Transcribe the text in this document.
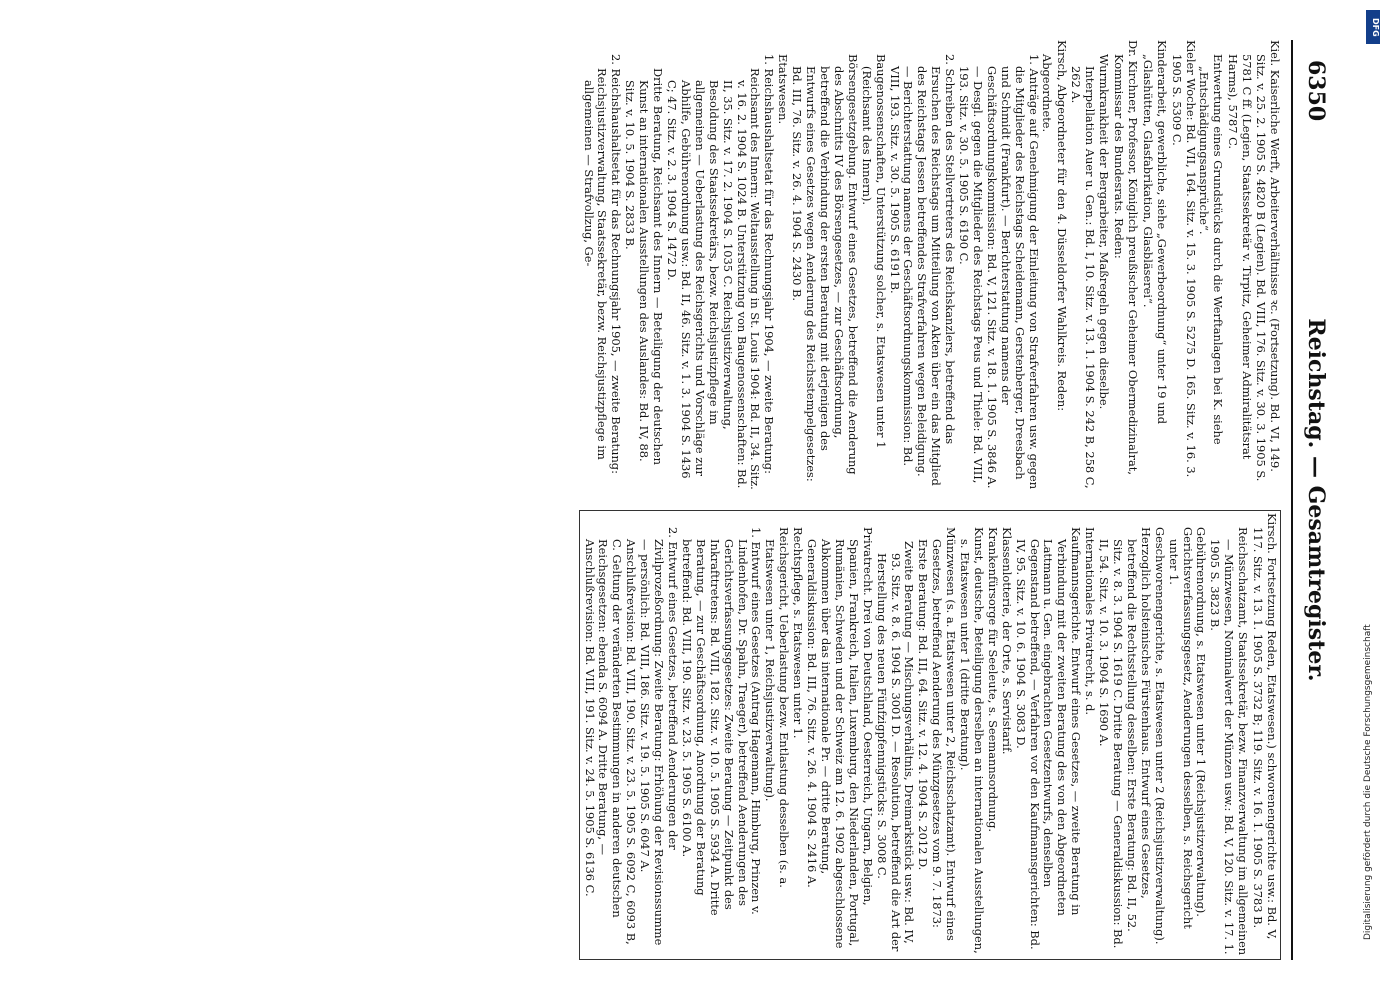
6350
Reichstag. — Gesamtregister.
Kiel. Kaiserliche Werft, Arbeiterverhältnisse ꝛc. (Fortsetzung). Bd. VI, 149. Sitz. v. 25. 2. 1905 S. 4820 B (Legien). Bd. VIII, 176. Sitz. v. 30. 3. 1905 S. 5781 C ff. (Legien, Staatssekretär v. Tirpitz, Geheimer Admiralitätsrat Harms), 5787 C.
Entwertung eines Grundstücks durch die Werftanlagen bei K. siehe „Entschädigungsansprüche“.
Kieler Woche: Bd. VII, 164. Sitz. v. 15. 3. 1905 S. 5275 D. 165. Sitz. v. 16. 3. 1905 S. 5309 C.
Kinderarbeit, gewerbliche, siehe „Gewerbeordnung“ unter 19 und „Glashütten, Glasfabrikation, Glasbläserei“.
Dr. Kirchner, Professor, Königlich preußischer Geheimer Obermedizinalrat, Kommissar des Bundesrats. Reden:
Wurmkrankheit der Bergarbeiter, Maßregeln gegen dieselbe. Interpellation Auer u. Gen.: Bd. I, 10. Sitz. v. 13. 1. 1904 S. 242 B, 258 C, 262 A.
Kirsch, Abgeordneter für den 4. Düsseldorfer Wahlkreis. Reden:
Abgeordnete.
1. Anträge auf Genehmigung der Einleitung von Strafverfahren usw. gegen die Mitglieder des Reichstags Scheidemann, Gerstenberger, Dreesbach und Schmidt (Frankfurt). — Berichterstattung namens der Geschäftsordnungskommission: Bd. V, 121. Sitz. v. 18. 1. 1905 S. 3846 A. — Desgl. gegen die Mitglieder des Reichstags Peus und Thiele: Bd. VIII, 193. Sitz. v. 30. 5. 1905 S. 6190 C.
2. Schreiben des Stellvertreters des Reichskanzlers, betreffend das Ersuchen des Reichstags um Mitteilung von Akten über ein das Mitglied des Reichstags Jessen betreffendes Strafverfahren wegen Beleidigung. — Berichterstattung namens der Geschäftsordnungskommission: Bd. VIII, 193. Sitz. v. 30. 5. 1905 S. 6191 B.
Baugenossenschaften, Unterstützung solcher, s. Etatswesen unter 1 (Reichsamt des Innern).
Börsengesetzgebung. Entwurf eines Gesetzes, betreffend die Aenderung des Abschnitts IV des Börsengesetzes, — zur Geschäftsordnung, betreffend die Verbindung der ersten Beratung mit derjenigen des Entwurfs eines Gesetzes wegen Aenderung des Reichsstempelgesetzes: Bd. III, 76. Sitz. v. 26. 4. 1904 S. 2430 B.
Etatswesen.
1. Reichshaushaltsetat für das Rechnungsjahr 1904, — zweite Beratung:
Reichsamt des Innern: Weltausstellung in St. Louis 1904: Bd. II, 34. Sitz. v. 16. 2. 1904 S. 1024 B. Unterstützung von Baugenossenschaften: Bd. II, 35. Sitz. v. 17. 2. 1904 S. 1035 C. Reichsjustizverwaltung, Besoldung des Staatssekretärs, bezw. Reichsjustizpflege im allgemeinen — Ueberlastung des Reichsgerichts und Vorschläge zur Abhilfe, Gebührenordnung usw.: Bd. II, 46. Sitz. v. 1. 3. 1904 S. 1436 C; 47. Sitz. v. 2. 3. 1904 S. 1472 D.
Dritte Beratung, Reichsamt des Innern — Beteiligung der deutschen Kunst an internationalen Ausstellungen des Auslandes: Bd. IV, 88. Sitz. v. 10. 5. 1904 S. 2833 B.
2. Reichshaushaltsetat für das Rechnungsjahr 1905, — zweite Beratung:
Reichsjustizverwaltung, Staatssekretär, bezw. Reichsjustizpflege im allgemeinen — Strafvollzug, Ge-
Kirsch. Fortsetzung Reden, Etatswesen.) schworenengerichte usw.: Bd. V, 117. Sitz. v. 13. 1. 1905 S. 3732 B; 119. Sitz. v. 16. 1. 1905 S. 3783 B.
Reichsschatzamt, Staatssekretär, bezw. Finanzverwaltung im allgemeinen — Münzwesen, Nominalwert der Münzen usw.: Bd. V, 120. Sitz. v. 17. 1. 1905 S. 3823 B.
Gebührenordnung, s. Etatswesen unter 1 (Reichsjustizverwaltung).
Gerichtsverfassungsgesetz, Aenderungen desselben, s. Reichsgericht unter 1.
Geschworenengerichte, s. Etatswesen unter 2 (Reichsjustizverwaltung).
Herzoglich holsteinisches Fürstenhaus. Entwurf eines Gesetzes, betreffend die Rechtsstellung desselben: Erste Beratung: Bd. II, 52. Sitz. v. 8. 3. 1904 S. 1619 C. Dritte Beratung — Generaldiskussion: Bd. II, 54. Sitz. v. 10. 3. 1904 S. 1690 A.
Internationales Privatrecht, s. d.
Kaufmannsgerichte. Entwurf eines Gesetzes, — zweite Beratung in Verbindung mit der zweiten Beratung des von den Abgeordneten Lattmann u. Gen. eingebrachten Gesetzentwurfs, denselben Gegenstand betreffend, — Verfahren vor den Kaufmannsgerichten: Bd. IV, 95. Sitz. v. 10. 6. 1904 S. 3083 D.
Klassenlotterie, der Orte, s. Servistarif.
Krankenfürsorge für Seeleute, s. Seemannsordnung.
Kunst, deutsche, Beteiligung derselben an internationalen Ausstellungen, s. Etatswesen unter 1 (dritte Beratung).
Münzwesen (s. a. Etatswesen unter 2, Reichsschatzamt). Entwurf eines Gesetzes, betreffend Aenderung des Münzgesetzes vom 9. 7. 1873: Erste Beratung: Bd. III, 64. Sitz. v. 12. 4. 1904 S. 2012 D.
Zweite Beratung — Mischungsverhältnis, Dreimarkstück usw.: Bd. IV, 93. Sitz. v. 8. 6. 1904 S. 3001 D. — Resolution, betreffend die Art der Herstellung des neuen Fünfzigpfennigstücks: S. 3008 C.
Privatrecht. Drei von Deutschland, Oesterreich, Ungarn, Belgien, Spanien, Frankreich, Italien, Luxemburg, den Niederlanden, Portugal, Rumänien, Schweden und der Schweiz am 12. 6. 1902 abgeschlossene Abkommen über das internationale Pr. — dritte Beratung, Generaldiskussion: Bd. III, 76. Sitz. v. 26. 4. 1904 S. 2416 A.
Rechtspflege, s. Etatswesen unter 1.
Reichsgericht, Ueberlastung bezw. Entlastung desselben (s. a. Etatswesen unter 1, Reichsjustizverwaltung).
1. Entwurf eines Gesetzes (Antrag Hagemann, Himburg, Prinzen v. Lindenhofen, Dr. Spahn, Traeger), betreffend Aenderungen des Gerichtsverfassungsgesetzes: Zweite Beratung — Zeitpunkt des Inkrafttretens: Bd. VIII, 182. Sitz. v. 10. 5. 1905 S. 5934 A. Dritte Beratung, — zur Geschäftsordnung, Anordnung der Beratung betreffend: Bd. VIII, 190. Sitz. v. 23. 5. 1905 S. 6100 A.
2. Entwurf eines Gesetzes, betreffend Aenderungen der Zivilprozeßordnung: Zweite Beratung: Erhöhung der Revisionssumme — persönlich: Bd. VIII, 186. Sitz. v. 19. 5. 1905 S. 6047 A. Anschlußrevision: Bd. VIII, 190. Sitz. v. 23. 5. 1905 S. 6092 C, 6093 B, C. Geltung der veränderten Bestimmungen in anderen deutschen Reichsgesetzen: ebenda S. 6094 A. Dritte Beratung, — Anschlußrevision: Bd. VIII, 191. Sitz. v. 24. 5. 1905 S. 6136 C.
DFG
Digitalisierung gefördert durch die Deutsche Forschungsgemeinschaft
